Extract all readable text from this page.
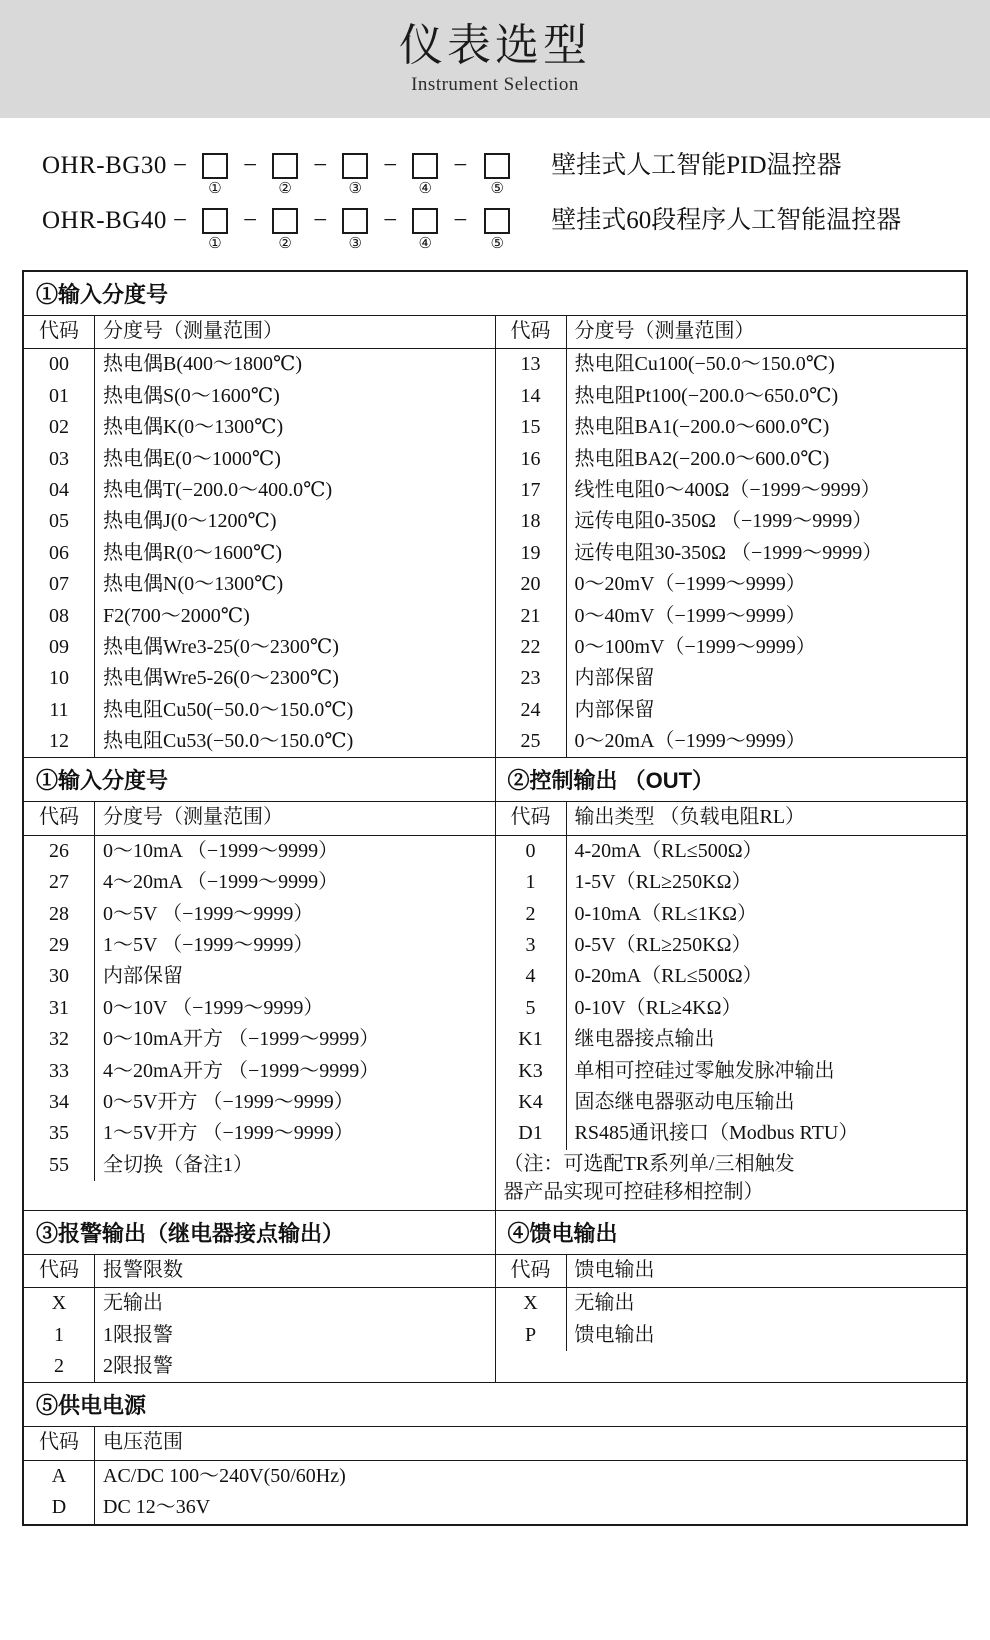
仪表选型
Instrument Selection
OHR-BG30 −
①
−
②
−
③
−
④
−
⑤
壁挂式人工智能PID温控器
OHR-BG40 −
①
−
②
−
③
−
④
−
⑤
壁挂式60段程序人工智能温控器
①输入分度号
代码	分度号（测量范围）
00	热电偶B(400〜1800℃)
01	热电偶S(0〜1600℃)
02	热电偶K(0〜1300℃)
03	热电偶E(0〜1000℃)
04	热电偶T(−200.0〜400.0℃)
05	热电偶J(0〜1200℃)
06	热电偶R(0〜1600℃)
07	热电偶N(0〜1300℃)
08	F2(700〜2000℃)
09	热电偶Wre3-25(0〜2300℃)
10	热电偶Wre5-26(0〜2300℃)
11	热电阻Cu50(−50.0〜150.0℃)
12	热电阻Cu53(−50.0〜150.0℃)
代码	分度号（测量范围）
13	热电阻Cu100(−50.0〜150.0℃)
14	热电阻Pt100(−200.0〜650.0℃)
15	热电阻BA1(−200.0〜600.0℃)
16	热电阻BA2(−200.0〜600.0℃)
17	线性电阻0〜400Ω（−1999〜9999）
18	远传电阻0-350Ω （−1999〜9999）
19	远传电阻30-350Ω （−1999〜9999）
20	0〜20mV（−1999〜9999）
21	0〜40mV（−1999〜9999）
22	0〜100mV（−1999〜9999）
23	内部保留
24	内部保留
25	0〜20mA（−1999〜9999）
①输入分度号	②控制输出 （OUT）
代码	分度号（测量范围）
26	0〜10mA （−1999〜9999）
27	4〜20mA （−1999〜9999）
28	0〜5V （−1999〜9999）
29	1〜5V （−1999〜9999）
30	内部保留
31	0〜10V （−1999〜9999）
32	0〜10mA开方 （−1999〜9999）
33	4〜20mA开方 （−1999〜9999）
34	0〜5V开方 （−1999〜9999）
35	1〜5V开方 （−1999〜9999）
55	全切换（备注1）
代码	输出类型 （负载电阻RL）
0	4-20mA（RL≤500Ω）
1	1-5V（RL≥250KΩ）
2	0-10mA（RL≤1KΩ）
3	0-5V（RL≥250KΩ）
4	0-20mA（RL≤500Ω）
5	0-10V（RL≥4KΩ）
K1	继电器接点输出
K3	单相可控硅过零触发脉冲输出
K4	固态继电器驱动电压输出
D1	RS485通讯接口（Modbus RTU）
（注：可选配TR系列单/三相触发
器产品实现可控硅移相控制）
③报警输出（继电器接点输出）	④馈电输出
代码	报警限数
X	无输出
1	1限报警
2	2限报警
代码	馈电输出
X	无输出
P	馈电输出
⑤供电电源
代码	电压范围
A	AC/DC 100〜240V(50/60Hz)
D	DC 12〜36V
